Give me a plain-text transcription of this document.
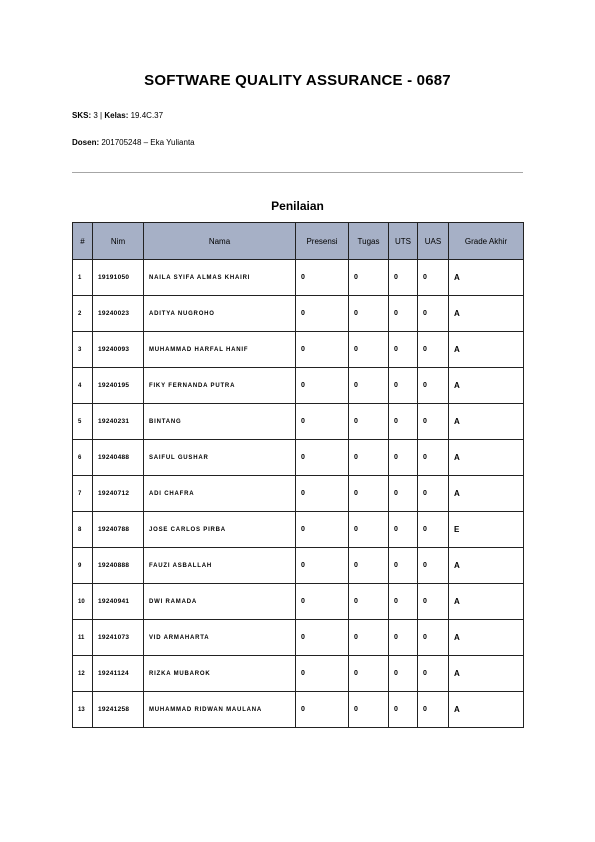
SOFTWARE QUALITY ASSURANCE - 0687
SKS: 3 | Kelas: 19.4C.37
Dosen: 201705248 – Eka Yulianta
Penilaian
#	Nim	Nama	Presensi	Tugas	UTS	UAS	Grade Akhir
1	19191050	NAILA SYIFA ALMAS KHAIRI	0	0	0	0	A
2	19240023	ADITYA NUGROHO	0	0	0	0	A
3	19240093	MUHAMMAD HARFAL HANIF	0	0	0	0	A
4	19240195	FIKY FERNANDA PUTRA	0	0	0	0	A
5	19240231	BINTANG	0	0	0	0	A
6	19240488	SAIFUL GUSHAR	0	0	0	0	A
7	19240712	ADI CHAFRA	0	0	0	0	A
8	19240788	JOSE CARLOS PIRBA	0	0	0	0	E
9	19240888	FAUZI ASBALLAH	0	0	0	0	A
10	19240941	DWI RAMADA	0	0	0	0	A
11	19241073	VID ARMAHARTA	0	0	0	0	A
12	19241124	RIZKA MUBAROK	0	0	0	0	A
13	19241258	MUHAMMAD RIDWAN MAULANA	0	0	0	0	A
